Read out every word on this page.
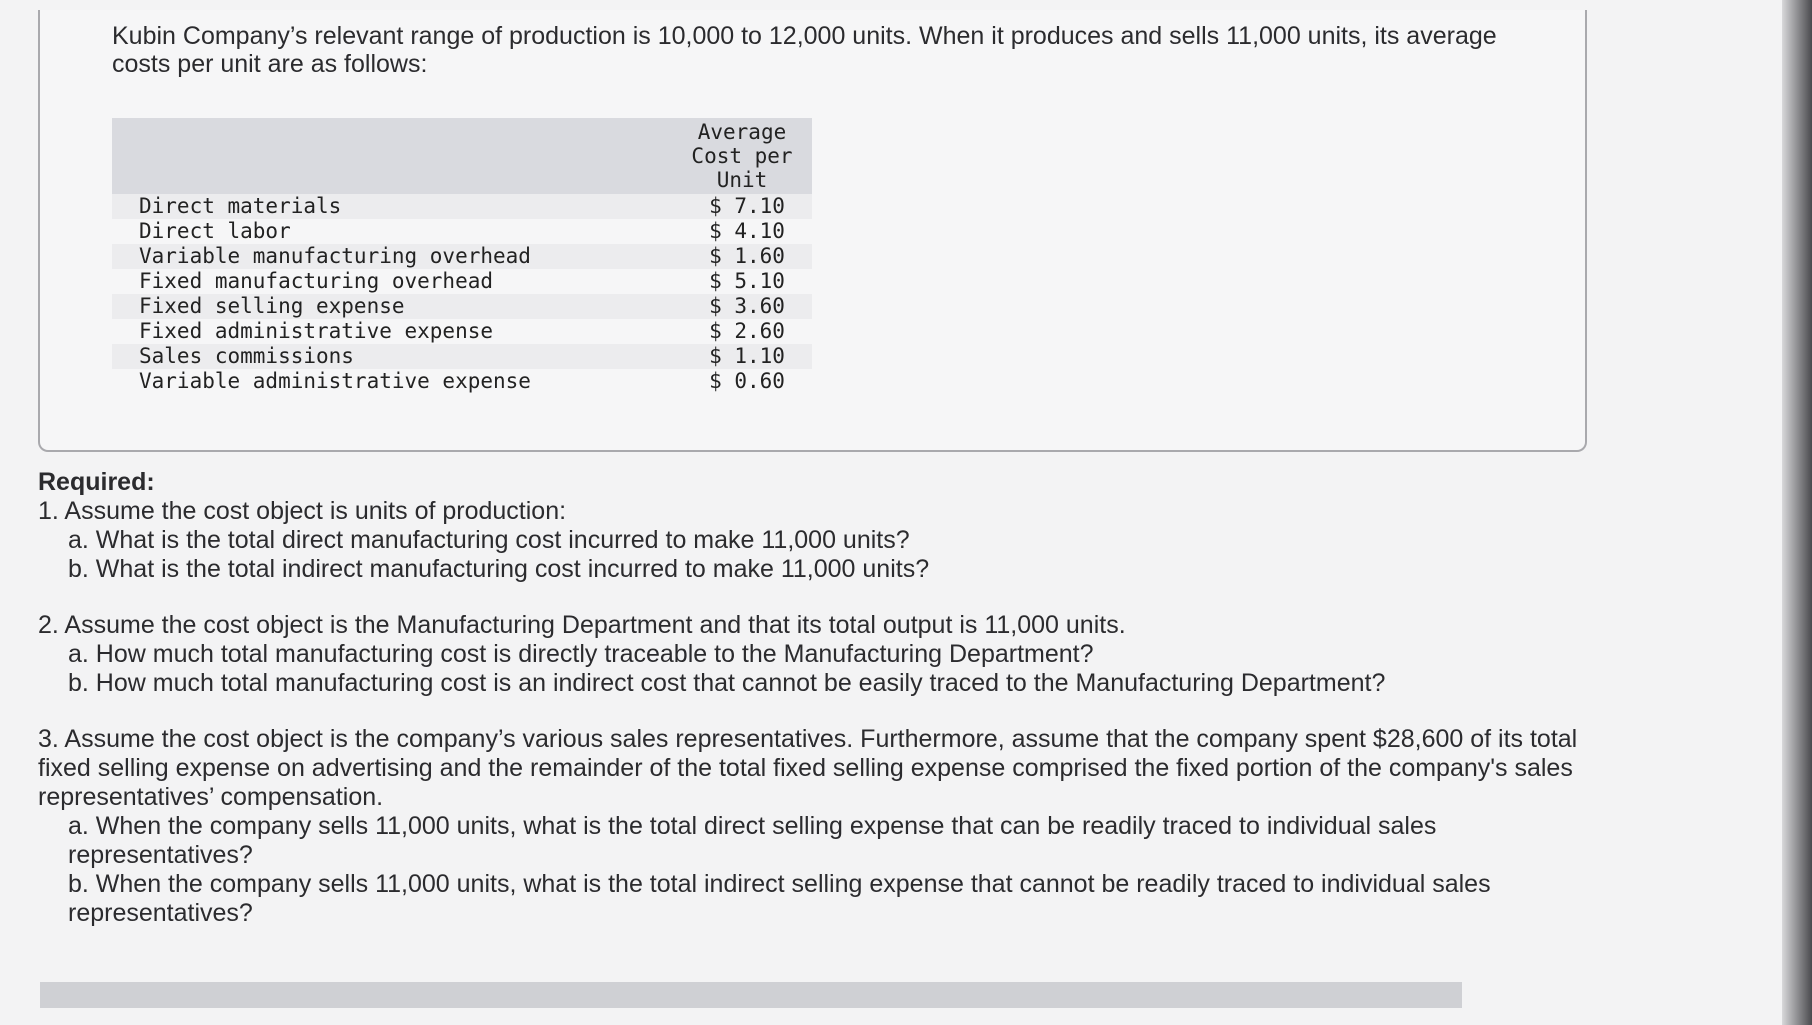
Kubin Company’s relevant range of production is 10,000 to 12,000 units. When it produces and sells 11,000 units, its average costs per unit are as follows:

	Average Cost per Unit
Direct materials	$ 7.10
Direct labor	$ 4.10
Variable manufacturing overhead	$ 1.60
Fixed manufacturing overhead	$ 5.10
Fixed selling expense	$ 3.60
Fixed administrative expense	$ 2.60
Sales commissions	$ 1.10
Variable administrative expense	$ 0.60

Required:

1. Assume the cost object is units of production:

a. What is the total direct manufacturing cost incurred to make 11,000 units?

b. What is the total indirect manufacturing cost incurred to make 11,000 units?

2. Assume the cost object is the Manufacturing Department and that its total output is 11,000 units.

a. How much total manufacturing cost is directly traceable to the Manufacturing Department?

b. How much total manufacturing cost is an indirect cost that cannot be easily traced to the Manufacturing Department?

3. Assume the cost object is the company’s various sales representatives. Furthermore, assume that the company spent $28,600 of its total fixed selling expense on advertising and the remainder of the total fixed selling expense comprised the fixed portion of the company's sales representatives’ compensation.

a. When the company sells 11,000 units, what is the total direct selling expense that can be readily traced to individual sales representatives?

b. When the company sells 11,000 units, what is the total indirect selling expense that cannot be readily traced to individual sales representatives?
